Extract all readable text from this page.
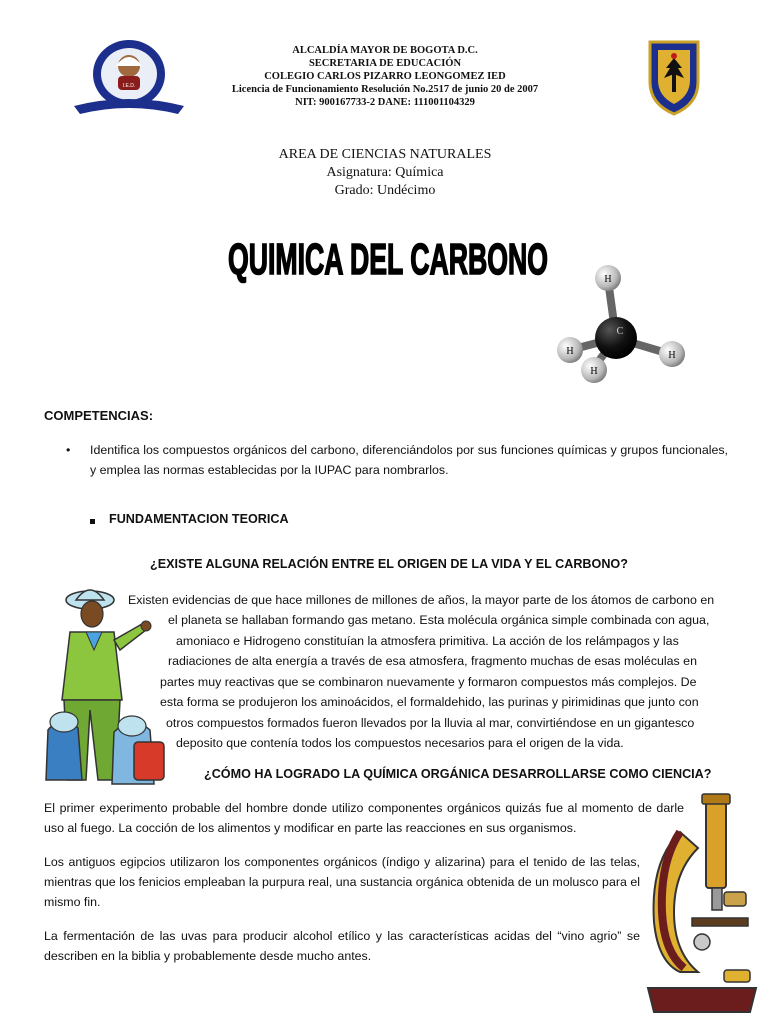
I.E.D.
ALCALDÍA MAYOR DE BOGOTA D.C.
SECRETARIA DE EDUCACIÓN
COLEGIO CARLOS PIZARRO LEONGOMEZ IED
Licencia de Funcionamiento Resolución No.2517 de junio 20 de 2007
NIT: 900167733-2 DANE: 111001104329
AREA DE CIENCIAS NATURALES
Asignatura: Química
Grado: Undécimo
QUIMICA DEL CARBONO	H
H	H
H
C
COMPETENCIAS:
• Identifica los compuestos orgánicos del carbono, diferenciándolos por sus funciones químicas y grupos funcionales, y emplea las normas establecidas por la IUPAC para nombrarlos.
FUNDAMENTACION TEORICA
¿EXISTE ALGUNA RELACIÓN ENTRE EL ORIGEN DE LA VIDA Y EL CARBONO?
Existen evidencias de que hace millones de millones de años, la mayor parte de los átomos de carbono en
el planeta se hallaban formando gas metano. Esta molécula orgánica simple combinada con agua,
amoniaco e Hidrogeno constituían la atmosfera primitiva. La acción de los relámpagos y las
radiaciones de alta energía a través de esa atmosfera, fragmento muchas de esas moléculas en
partes muy reactivas que se combinaron nuevamente y formaron compuestos más complejos. De
esta forma se produjeron los aminoácidos, el formaldehido, las purinas y pirimidinas que junto con
otros compuestos formados fueron llevados por la lluvia al mar, convirtiéndose en un gigantesco
deposito que contenía todos los compuestos necesarios para el origen de la vida.
¿CÓMO HA LOGRADO LA QUÍMICA ORGÁNICA DESARROLLARSE COMO CIENCIA?
El primer experimento probable del hombre donde utilizo componentes orgánicos quizás fue al momento de darle uso al fuego. La cocción de los alimentos y modificar en parte las reacciones en sus organismos.
Los antiguos egipcios utilizaron los componentes orgánicos (índigo y alizarina) para el tenido de las telas, mientras que los fenicios empleaban la purpura real, una sustancia orgánica obtenida de un molusco para el mismo fin.
La fermentación de las uvas para producir alcohol etílico y las características acidas del “vino agrio” se describen en la biblia y probablemente desde mucho antes.
